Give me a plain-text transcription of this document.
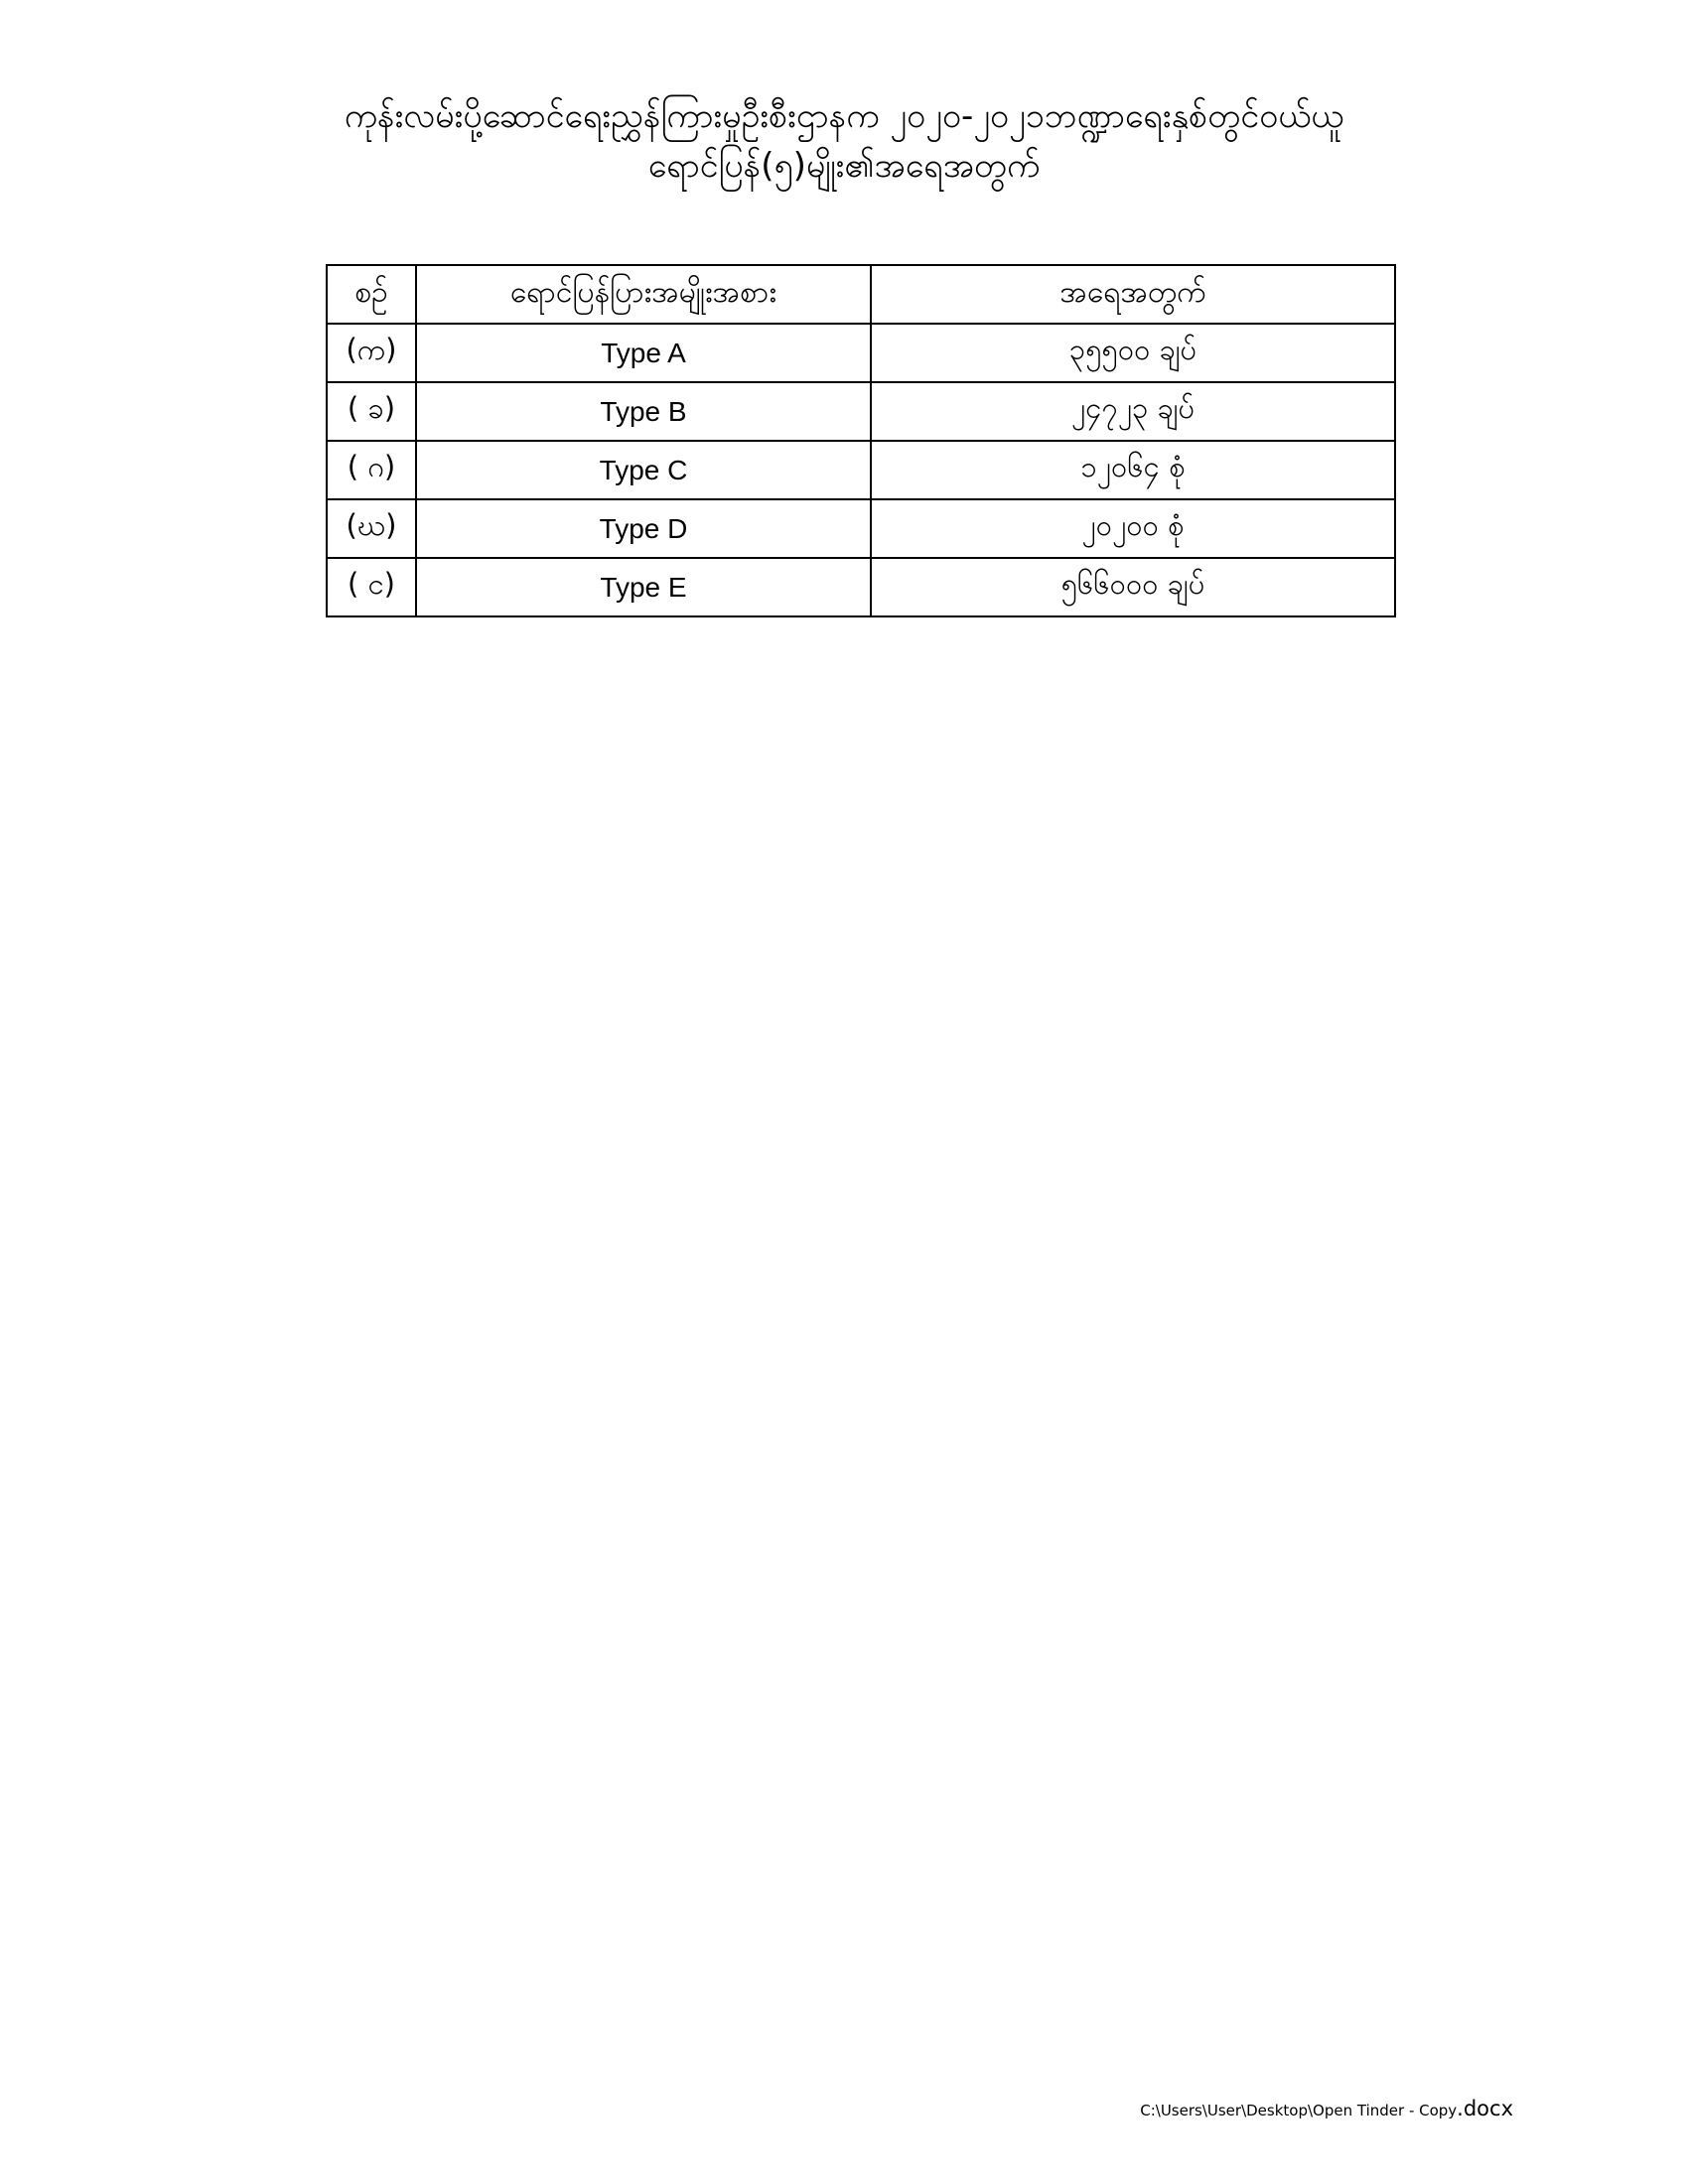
ကုန်းလမ်းပို့ဆောင်ရေးညွှန်ကြားမှုဦးစီးဌာနက ၂၀၂၀-၂၀၂၁ဘဏ္ဍာရေးနှစ်တွင်ဝယ်ယူ
ရောင်ပြန်(၅)မျိုး၏အရေအတွက်
စဉ်	ရောင်ပြန်ပြားအမျိုးအစား	အရေအတွက်
(က)	Type A	၃၅၅၀၀ ချပ်
( ခ)	Type B	၂၄၇၂၃ ချပ်
( ဂ)	Type C	၁၂၀၆၄ စုံ
(ဃ)	Type D	၂၀၂၀၀ စုံ
( င)	Type E	၅၆၆၀၀၀ ချပ်
C:\Users\User\Desktop\Open Tinder - Copy.docx
